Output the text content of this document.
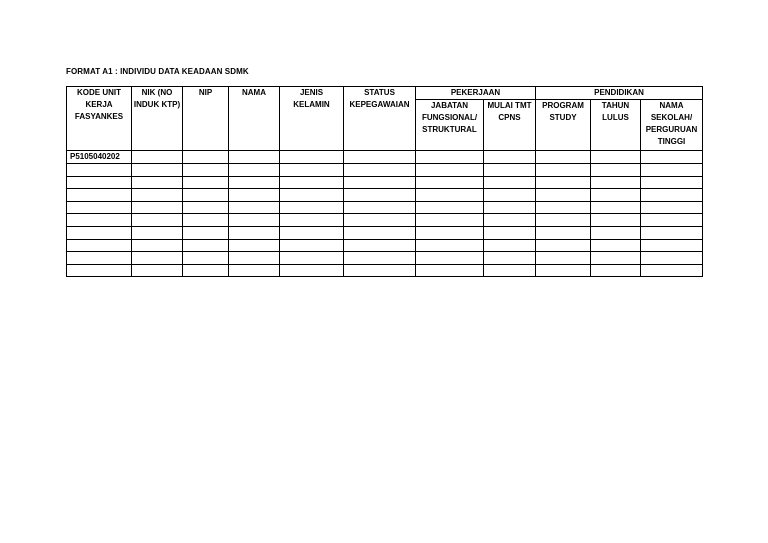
FORMAT A1 : INDIVIDU DATA KEADAAN SDMK
KODE UNIT KERJA FASYANKES	NIK (NO INDUK KTP)	NIP	NAMA	JENIS KELAMIN	STATUS KEPEGAWAIAN	PEKERJAAN		PENDIDIKAN		
						JABATAN FUNGSIONAL/ STRUKTURAL	MULAI TMT CPNS	PROGRAM STUDY	TAHUN LULUS	NAMA SEKOLAH/ PERGURUAN TINGGI
P5105040202										
